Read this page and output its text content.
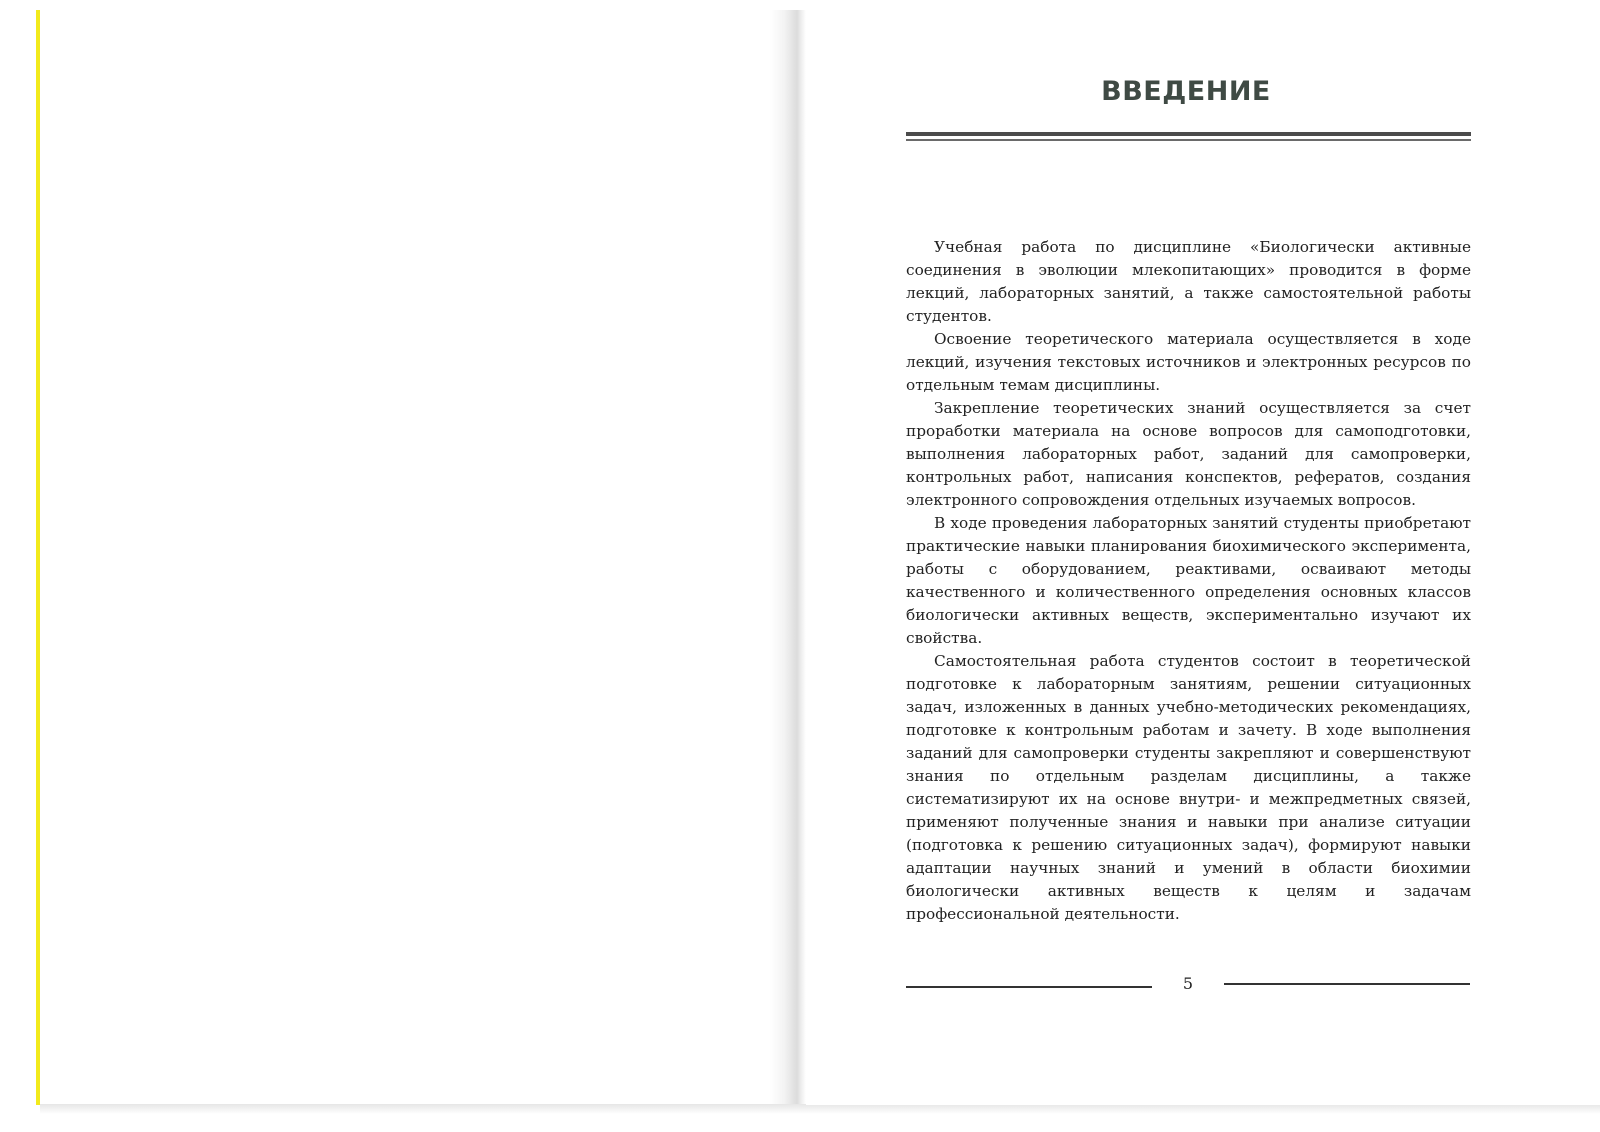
ВВЕДЕНИЕ

Учебная работа по дисциплине «Биологически активные соединения в эволюции млекопитающих» проводится в форме лекций, лабораторных занятий, а также самостоятельной работы студентов.

Освоение теоретического материала осуществляется в ходе лекций, изучения текстовых источников и электронных ресурсов по отдельным темам дисциплины.

Закрепление теоретических знаний осуществляется за счет проработки материала на основе вопросов для самоподготовки, выполнения лабораторных работ, заданий для самопроверки, контрольных работ, написания конспектов, рефератов, создания электронного сопровождения отдельных изучаемых вопросов.

В ходе проведения лабораторных занятий студенты приобретают практические навыки планирования биохимического эксперимента, работы с оборудованием, реактивами, осваивают методы качественного и количественного определения основных классов биологически активных веществ, экспериментально изучают их свойства.

Самостоятельная работа студентов состоит в теоретической подготовке к лабораторным занятиям, решении ситуационных задач, изложенных в данных учебно-методических рекомендациях, подготовке к контрольным работам и зачету. В ходе выполнения заданий для самопроверки студенты закрепляют и совершенствуют знания по отдельным разделам дисциплины, а также систематизируют их на основе внутри- и межпредметных связей, применяют полученные знания и навыки при анализе ситуации (подготовка к решению ситуационных задач), формируют навыки адаптации научных знаний и умений в области биохимии биологически активных веществ к целям и задачам профессиональной деятельности.

5
